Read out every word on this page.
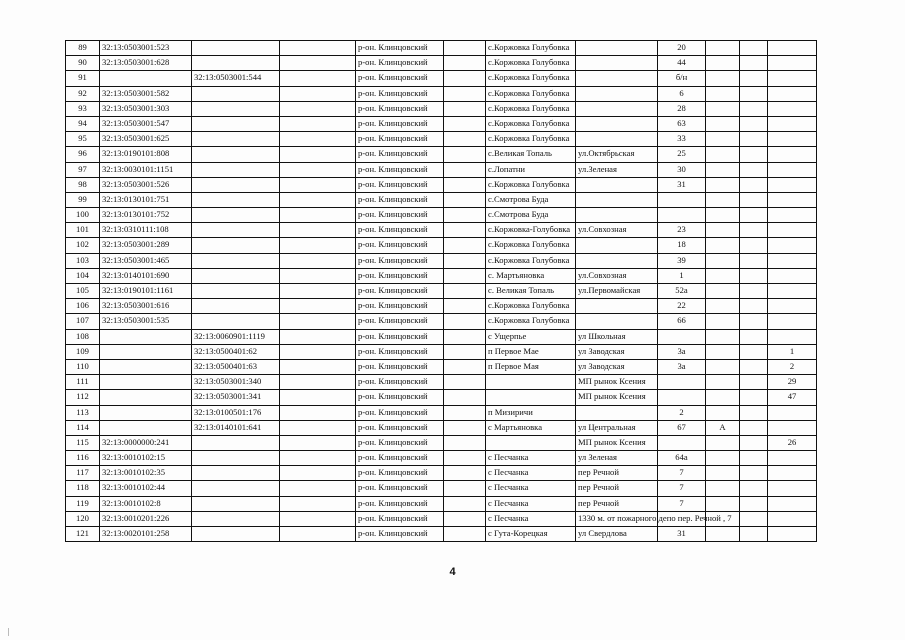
89	32:13:0503001:523			р-он. Клинцовский		с.Коржовка Голубовка		20			
90	32:13:0503001:628			р-он. Клинцовский		с.Коржовка Голубовка		44			
91		32:13:0503001:544		р-он. Клинцовский		с.Коржовка Голубовка		б/н			
92	32:13:0503001:582			р-он. Клинцовский		с.Коржовка Голубовка		6			
93	32:13:0503001:303			р-он. Клинцовский		с.Коржовка Голубовка		28			
94	32:13:0503001:547			р-он. Клинцовский		с.Коржовка Голубовка		63			
95	32:13:0503001:625			р-он. Клинцовский		с.Коржовка Голубовка		33			
96	32:13:0190101:808			р-он. Клинцовский		с.Великая Топаль	ул.Октябрьская	25			
97	32:13:0030101:1151			р-он. Клинцовский		с.Лопатни	ул.Зеленая	30			
98	32:13:0503001:526			р-он. Клинцовский		с.Коржовка Голубовка		31			
99	32:13:0130101:751			р-он. Клинцовский		с.Смотрова Буда					
100	32:13:0130101:752			р-он. Клинцовский		с.Смотрова Буда					
101	32:13:0310111:108			р-он. Клинцовский		с.Коржовка-Голубовка	ул.Совхозная	23			
102	32:13:0503001:289			р-он. Клинцовский		с.Коржовка Голубовка		18			
103	32:13:0503001:465			р-он. Клинцовский		с.Коржовка Голубовка		39			
104	32:13:0140101:690			р-он. Клинцовский		с. Мартьяновка	ул.Совхозная	1			
105	32:13:0190101:1161			р-он. Клинцовский		с. Великая Топаль	ул.Первомайская	52а			
106	32:13:0503001:616			р-он. Клинцовский		с.Коржовка Голубовка		22			
107	32:13:0503001:535			р-он. Клинцовский		с.Коржовка Голубовка		66			
108		32:13:0060901:1119		р-он. Клинцовский		с Ущерпье	ул Школьная				
109		32:13:0500401:62		р-он. Клинцовский		п Первое Мае	ул Заводская	3а			1
110		32:13:0500401:63		р-он. Клинцовский		п Первое Мая	ул Заводская	3а			2
111		32:13:0503001:340		р-он. Клинцовский			МП рынок Ксения				29
112		32:13:0503001:341		р-он. Клинцовский			МП рынок Ксения				47
113		32:13:0100501:176		р-он. Клинцовский		п Мизиричи		2			
114		32:13:0140101:641		р-он. Клинцовский		с Мартьяновка	ул Центральная	67	А		
115	32:13:0000000:241			р-он. Клинцовский			МП рынок Ксения				26
116	32:13:0010102:15			р-он. Клинцовский		с Песчанка	ул Зеленая	64а			
117	32:13:0010102:35			р-он. Клинцовский		с Песчанка	пер Речной	7			
118	32:13:0010102:44			р-он. Клинцовский		с Песчанка	пер Речной	7			
119	32:13:0010102:8			р-он. Клинцовский		с Песчанка	пер Речной	7			
120	32:13:0010201:226			р-он. Клинцовский		с Песчанка	1330 м. от пожарного депо пер. Речной , 7				
121	32:13:0020101:258			р-он. Клинцовский		с Гута-Корецкая	ул Свердлова	31			
4
